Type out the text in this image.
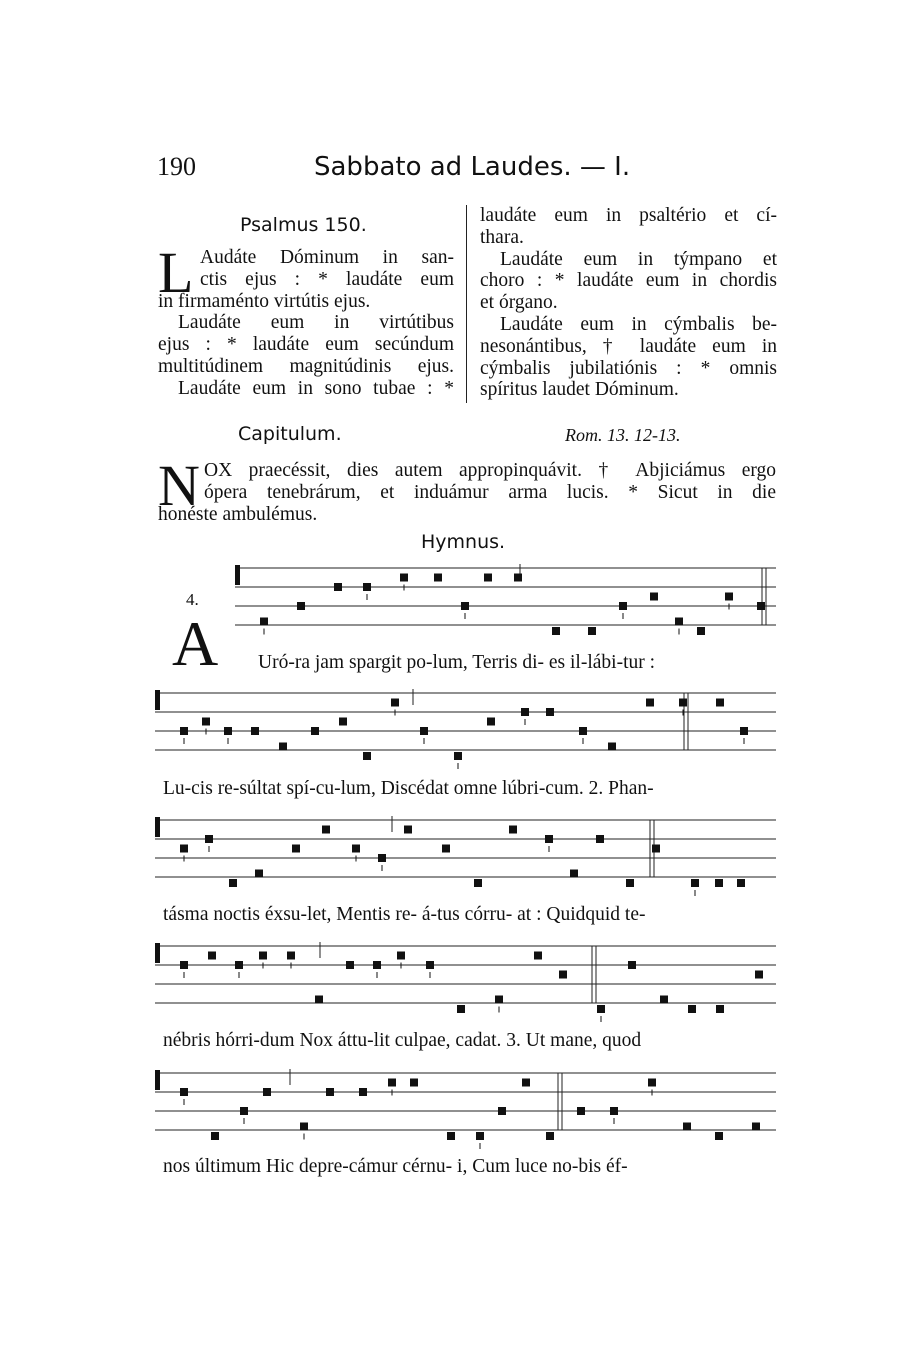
190	Sabbato ad Laudes. — I.
Psalmus 150.
L Audáte Dóminum in san-

ctis ejus : * laudáte eum

in firmaménto virtútis ejus.

Laudáte eum in virtútibus

ejus : * laudáte eum secúndum

multitúdinem magnitúdinis ejus.

Laudáte eum in sono tubae : *

laudáte eum in psaltério et cí-

thara.

Laudáte eum in týmpano et

choro : * laudáte eum in chordis

et órgano.

Laudáte eum in cýmbalis be-

nesonántibus, † laudáte eum in

cýmbalis jubilatiónis : * omnis

spíritus laudet Dóminum.

Capitulum.	Rom. 13. 12-13.
N OX praecéssit, dies autem appropinquávit. † Abjiciámus ergo

ópera tenebrárum, et induámur arma lucis. * Sicut in die

honéste ambulémus.

Hymnus.
4.
A Uró-ra jam spargit po-lum, Terris di- es il-lábi-tur :
Lu-cis re-súltat spí-cu-lum, Discédat omne lúbri-cum. 2. Phan-
tásma noctis éxsu-let, Mentis re- á-tus córru- at : Quidquid te-
nébris hórri-dum Nox áttu-lit culpae, cadat. 3. Ut mane, quod
nos últimum Hic depre-cámur cérnu- i, Cum luce no-bis éf-
